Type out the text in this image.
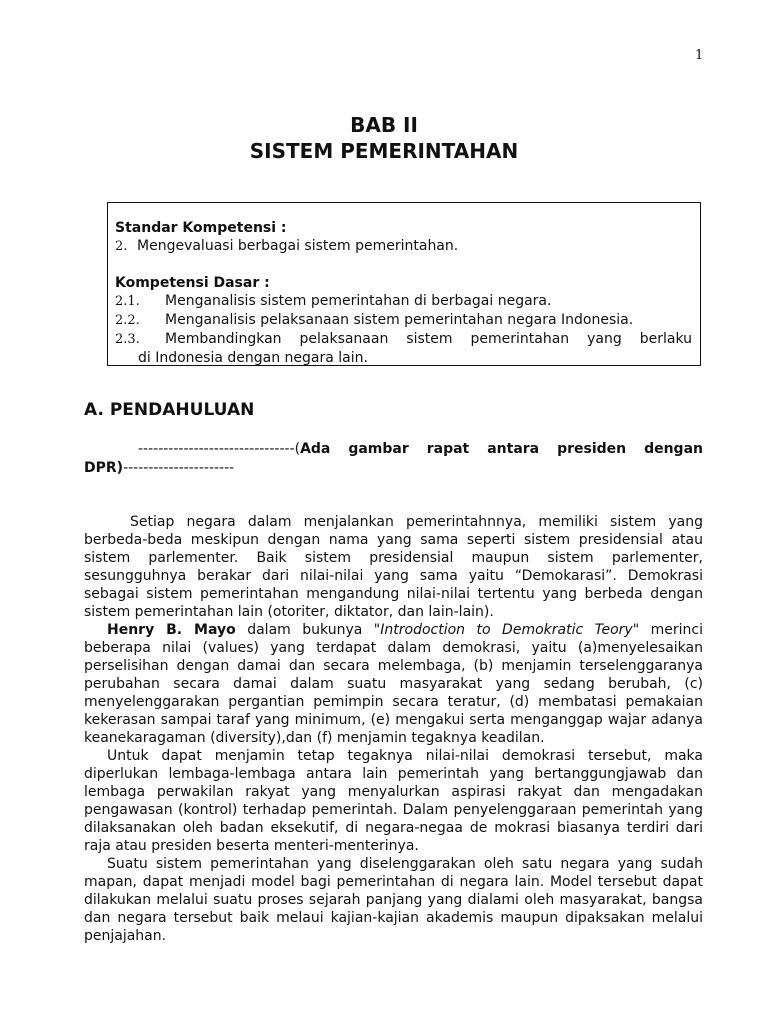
1
BAB II
SISTEM PEMERINTAHAN
Standar Kompetensi :
2. Mengevaluasi berbagai sistem pemerintahan.
Kompetensi Dasar :
2.1. Menganalisis sistem pemerintahan di berbagai negara.
2.2. Menganalisis pelaksanaan sistem pemerintahan negara Indonesia.
2.3. Membandingkan pelaksanaan sistem pemerintahan yang berlaku
di Indonesia dengan negara lain.
A. PENDAHULUAN
-------------------------------(Ada gambar rapat antara presiden dengan
DPR)----------------------

Setiap negara dalam menjalankan pemerintahnnya, memiliki sistem yang berbeda-beda meskipun dengan nama yang sama seperti sistem presidensial atau sistem parlementer. Baik sistem presidensial maupun sistem parlementer, sesungguhnya berakar dari nilai-nilai yang sama yaitu “Demokarasi”. Demokrasi sebagai sistem pemerintahan mengandung nilai-nilai tertentu yang berbeda dengan sistem pemerintahan lain (otoriter, diktator, dan lain-lain).

Henry B. Mayo dalam bukunya "Introdoction to Demokratic Teory" merinci beberapa nilai (values) yang terdapat dalam demokrasi, yaitu (a)menyelesaikan perselisihan dengan damai dan secara melembaga, (b) menjamin terselenggaranya perubahan secara damai dalam suatu masyarakat yang sedang berubah, (c) menyelenggarakan pergantian pemimpin secara teratur, (d) membatasi pemakaian kekerasan sampai taraf yang minimum, (e) mengakui serta menganggap wajar adanya keanekaragaman (diversity),dan (f) menjamin tegaknya keadilan.

Untuk dapat menjamin tetap tegaknya nilai-nilai demokrasi tersebut, maka diperlukan lembaga-lembaga antara lain pemerintah yang bertanggungjawab dan lembaga perwakilan rakyat yang menyalurkan aspirasi rakyat dan mengadakan pengawasan (kontrol) terhadap pemerintah. Dalam penyelenggaraan pemerintah yang dilaksanakan oleh badan eksekutif, di negara-negaa de mokrasi biasanya terdiri dari raja atau presiden beserta menteri-menterinya.

Suatu sistem pemerintahan yang diselenggarakan oleh satu negara yang sudah mapan, dapat menjadi model bagi pemerintahan di negara lain. Model tersebut dapat dilakukan melalui suatu proses sejarah panjang yang dialami oleh masyarakat, bangsa dan negara tersebut baik melaui kajian-kajian akademis maupun dipaksakan melalui penjajahan.
